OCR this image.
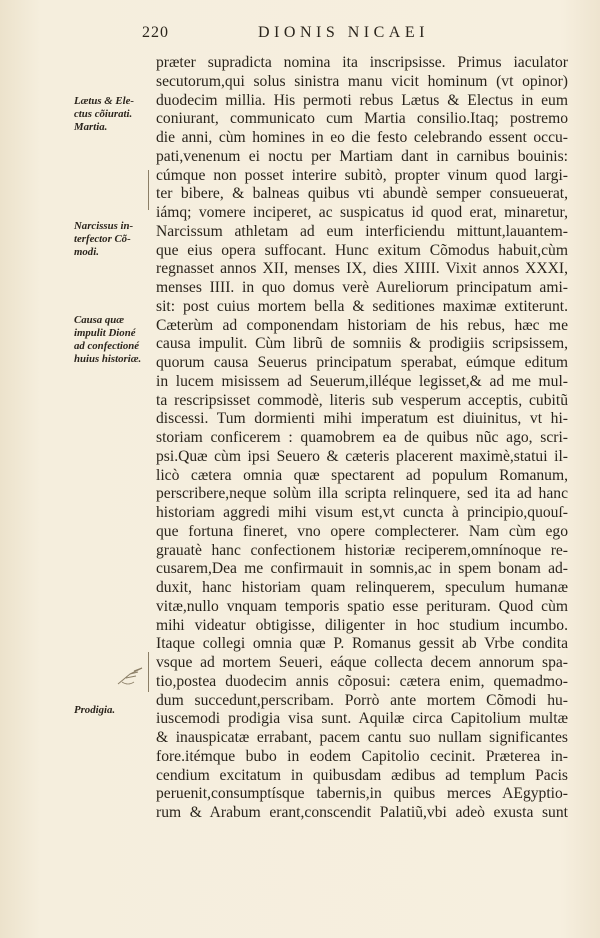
220	DIONIS NICAEI
Lætus & Ele-
ctus cõiurati.
Martia.
Narcissus in-
terfector Cõ-
modi.
Causa quæ
impulit Dioné
ad confectioné
huius historiæ.
Prodigia.
præter supradicta nomina ita inscripsisse. Primus iaculator
secutorum,qui solus sinistra manu vicit hominum (vt opinor)
duodecim millia. His permoti rebus Lætus & Electus in eum
coniurant, communicato cum Martia consilio.Itaq; postremo
die anni, cùm homines in eo die festo celebrando essent occu-
pati,venenum ei noctu per Martiam dant in carnibus bouinis:
cúmque non posset interire subitò, propter vinum quod largi-
ter bibere, & balneas quibus vti abundè semper consueuerat,
iámq; vomere inciperet, ac suspicatus id quod erat, minaretur,
Narcissum athletam ad eum interficiendu mittunt,lauantem-
que eius opera suffocant. Hunc exitum Cõmodus habuit,cùm
regnasset annos XII, menses IX, dies XIIII. Vixit annos XXXI,
menses IIII. in quo domus verè Aureliorum principatum ami-
sit: post cuius mortem bella & seditiones maximæ extiterunt.
Cæterùm ad componendam historiam de his rebus, hæc me
causa impulit. Cùm librũ de somniis & prodigiis scripsissem,
quorum causa Seuerus principatum sperabat, eúmque editum
in lucem misissem ad Seuerum,illéque legisset,& ad me mul-
ta rescripsisset commodè, literis sub vesperum acceptis, cubitũ
discessi. Tum dormienti mihi imperatum est diuinitus, vt hi-
storiam conficerem : quamobrem ea de quibus nũc ago, scri-
psi.Quæ cùm ipsi Seuero & cæteris placerent maximè,statui il-
licò cætera omnia quæ spectarent ad populum Romanum,
perscribere,neque solùm illa scripta relinquere, sed ita ad hanc
historiam aggredi mihi visum est,vt cuncta à principio,quouſ-
que fortuna fineret, vno opere complecterer. Nam cùm ego
grauatè hanc confectionem historiæ reciperem,omnínoque re-
cusarem,Dea me confirmauit in somnis,ac in spem bonam ad-
duxit, hanc historiam quam relinquerem, speculum humanæ
vitæ,nullo vnquam temporis spatio esse perituram. Quod cùm
mihi videatur obtigisse, diligenter in hoc studium incumbo.
Itaque collegi omnia quæ P. Romanus gessit ab Vrbe condita
vsque ad mortem Seueri, eáque collecta decem annorum spa-
tio,postea duodecim annis cõposui: cætera enim, quemadmo-
dum succedunt,perscribam. Porrò ante mortem Cõmodi hu-
iuscemodi prodigia visa sunt. Aquilæ circa Capitolium multæ
& inauspicatæ errabant, pacem cantu suo nullam significantes
fore.itémque bubo in eodem Capitolio cecinit. Præterea in-
cendium excitatum in quibusdam ædibus ad templum Pacis
peruenit,consumptísque tabernis,in quibus merces AEgyptio-
rum & Arabum erant,conscendit Palatiũ,vbi adeò exusta sunt
